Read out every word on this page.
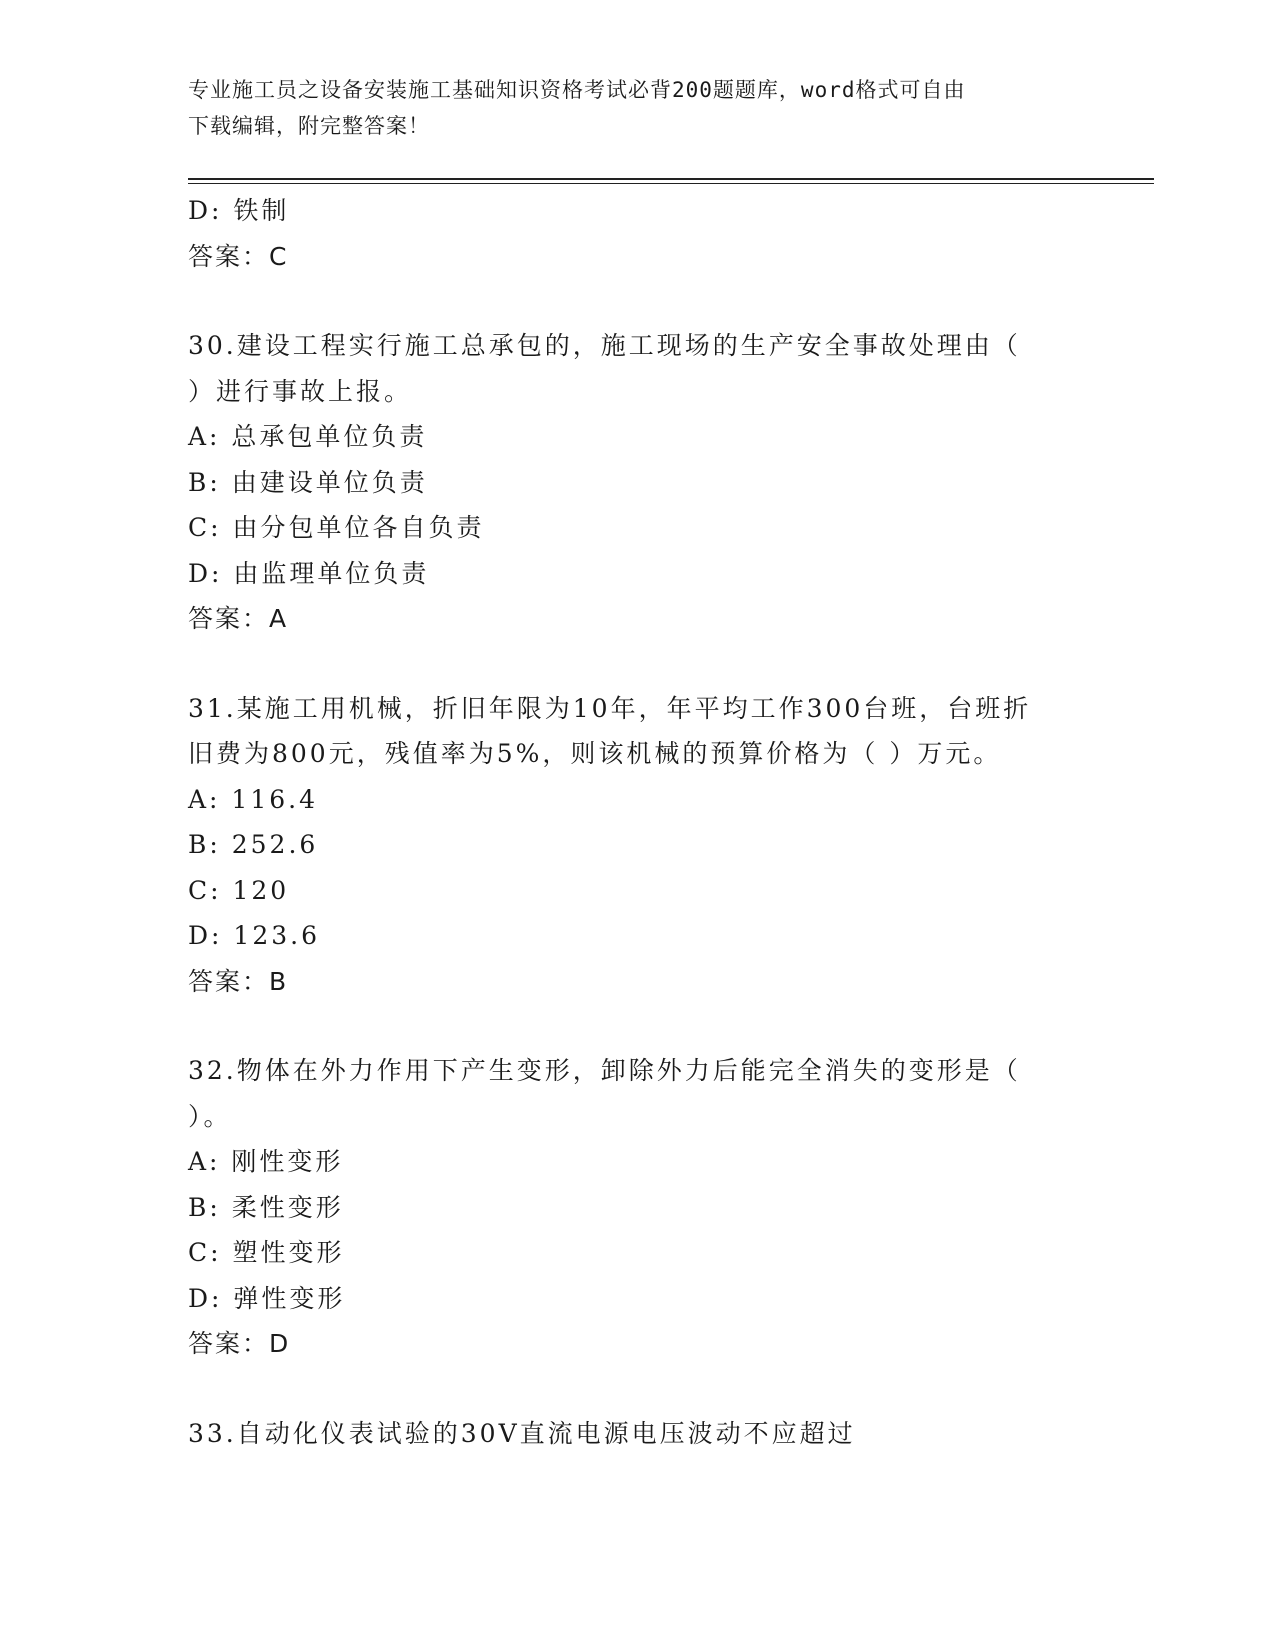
专业施工员之设备安装施工基础知识资格考试必背200题题库，word格式可自由
下载编辑，附完整答案！
D: 铁制
答案：C
30.建设工程实行施工总承包的，施工现场的生产安全事故处理由（
）进行事故上报。
A: 总承包单位负责
B: 由建设单位负责
C: 由分包单位各自负责
D: 由监理单位负责
答案：A
31.某施工用机械，折旧年限为10年，年平均工作300台班，台班折
旧费为800元，残值率为5%，则该机械的预算价格为（ ）万元。
A: 116.4
B: 252.6
C: 120
D: 123.6
答案：B
32.物体在外力作用下产生变形，卸除外力后能完全消失的变形是（
）。
A: 刚性变形
B: 柔性变形
C: 塑性变形
D: 弹性变形
答案：D
33.自动化仪表试验的30V直流电源电压波动不应超过
